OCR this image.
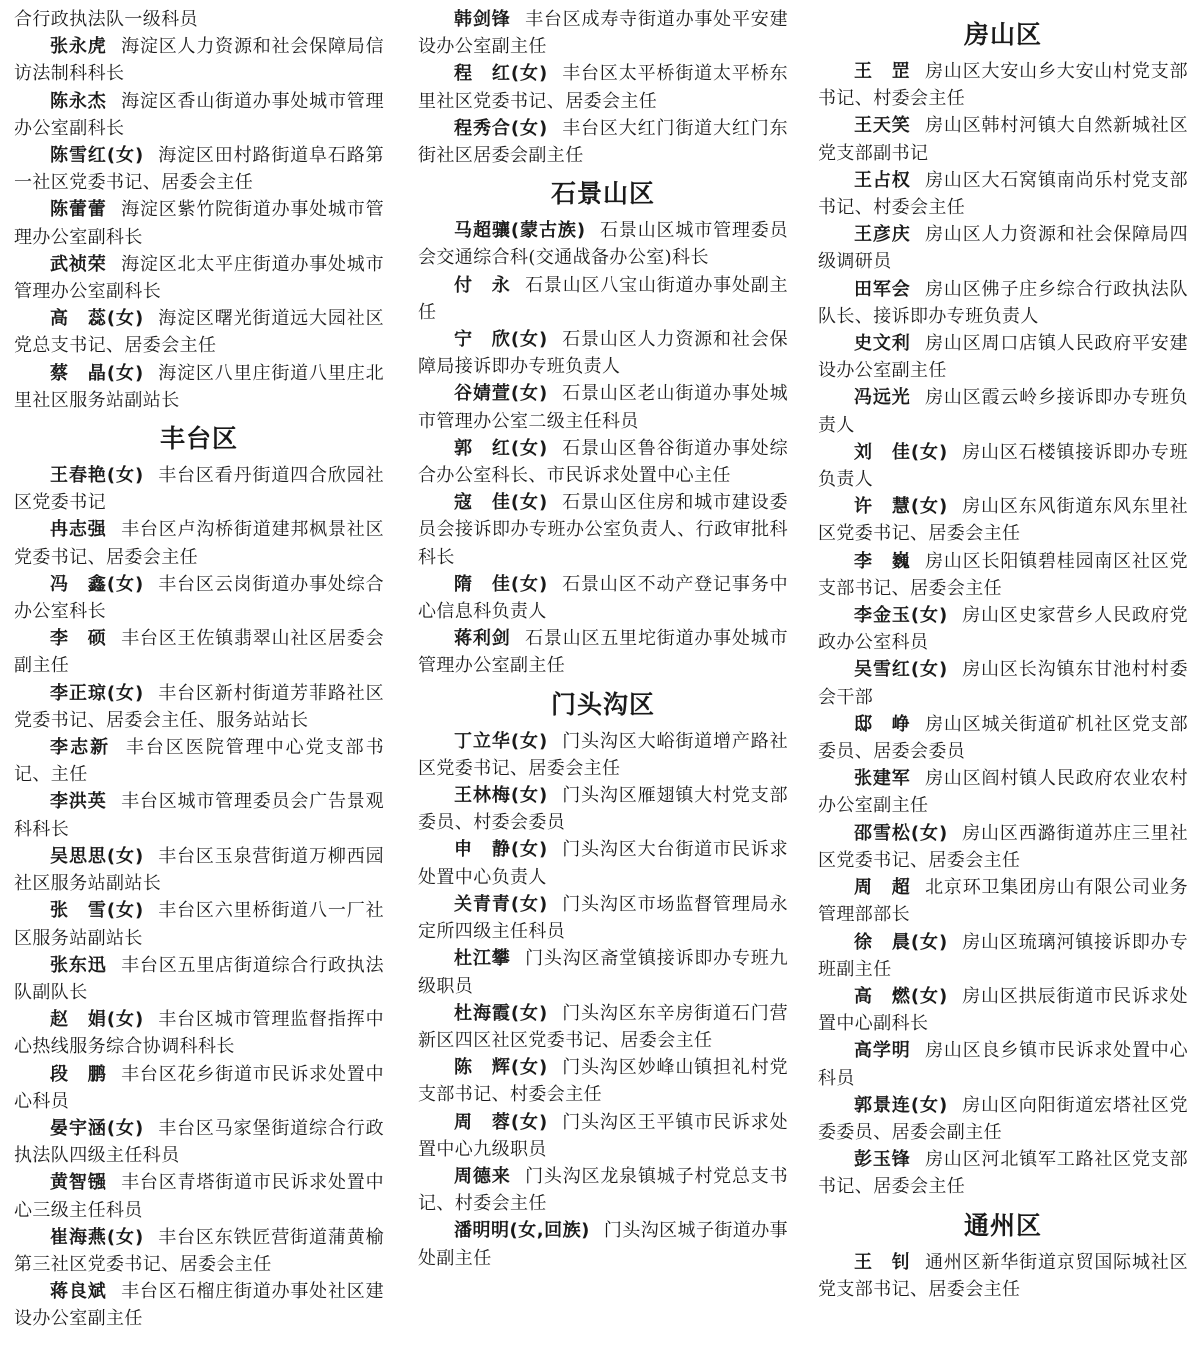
合行政执法队一级科员

张永虎 海淀区人力资源和社会保障局信访法制科科长

陈永杰 海淀区香山街道办事处城市管理办公室副科长

陈雪红(女) 海淀区田村路街道阜石路第一社区党委书记、居委会主任

陈蕾蕾 海淀区紫竹院街道办事处城市管理办公室副科长

武祯荣 海淀区北太平庄街道办事处城市管理办公室副科长

高　蕊(女) 海淀区曙光街道远大园社区党总支书记、居委会主任

蔡　晶(女) 海淀区八里庄街道八里庄北里社区服务站副站长

丰台区

王春艳(女) 丰台区看丹街道四合欣园社区党委书记

冉志强 丰台区卢沟桥街道建邦枫景社区党委书记、居委会主任

冯　鑫(女) 丰台区云岗街道办事处综合办公室科长

李　硕 丰台区王佐镇翡翠山社区居委会副主任

李正琼(女) 丰台区新村街道芳菲路社区党委书记、居委会主任、服务站站长

李志新 丰台区医院管理中心党支部书记、主任

李洪英 丰台区城市管理委员会广告景观科科长

吴思思(女) 丰台区玉泉营街道万柳西园社区服务站副站长

张　雪(女) 丰台区六里桥街道八一厂社区服务站副站长

张东迅 丰台区五里店街道综合行政执法队副队长

赵　娟(女) 丰台区城市管理监督指挥中心热线服务综合协调科科长

段　鹏 丰台区花乡街道市民诉求处置中心科员

晏宇涵(女) 丰台区马家堡街道综合行政执法队四级主任科员

黄智镪 丰台区青塔街道市民诉求处置中心三级主任科员

崔海燕(女) 丰台区东铁匠营街道蒲黄榆第三社区党委书记、居委会主任

蒋良斌 丰台区石榴庄街道办事处社区建设办公室副主任

韩剑锋 丰台区成寿寺街道办事处平安建设办公室副主任

程　红(女) 丰台区太平桥街道太平桥东里社区党委书记、居委会主任

程秀合(女) 丰台区大红门街道大红门东街社区居委会副主任

石景山区

马超骧(蒙古族) 石景山区城市管理委员会交通综合科(交通战备办公室)科长

付　永 石景山区八宝山街道办事处副主任

宁　欣(女) 石景山区人力资源和社会保障局接诉即办专班负责人

谷婧萱(女) 石景山区老山街道办事处城市管理办公室二级主任科员

郭　红(女) 石景山区鲁谷街道办事处综合办公室科长、市民诉求处置中心主任

寇　佳(女) 石景山区住房和城市建设委员会接诉即办专班办公室负责人、行政审批科科长

隋　佳(女) 石景山区不动产登记事务中心信息科负责人

蒋利剑 石景山区五里坨街道办事处城市管理办公室副主任

门头沟区

丁立华(女) 门头沟区大峪街道增产路社区党委书记、居委会主任

王林梅(女) 门头沟区雁翅镇大村党支部委员、村委会委员

申　静(女) 门头沟区大台街道市民诉求处置中心负责人

关青青(女) 门头沟区市场监督管理局永定所四级主任科员

杜江攀 门头沟区斋堂镇接诉即办专班九级职员

杜海霞(女) 门头沟区东辛房街道石门营新区四区社区党委书记、居委会主任

陈　辉(女) 门头沟区妙峰山镇担礼村党支部书记、村委会主任

周　蓉(女) 门头沟区王平镇市民诉求处置中心九级职员

周德来 门头沟区龙泉镇城子村党总支书记、村委会主任

潘明明(女,回族) 门头沟区城子街道办事处副主任

房山区

王　罡 房山区大安山乡大安山村党支部书记、村委会主任

王天笑 房山区韩村河镇大自然新城社区党支部副书记

王占权 房山区大石窝镇南尚乐村党支部书记、村委会主任

王彦庆 房山区人力资源和社会保障局四级调研员

田军会 房山区佛子庄乡综合行政执法队队长、接诉即办专班负责人

史文利 房山区周口店镇人民政府平安建设办公室副主任

冯远光 房山区霞云岭乡接诉即办专班负责人

刘　佳(女) 房山区石楼镇接诉即办专班负责人

许　慧(女) 房山区东风街道东风东里社区党委书记、居委会主任

李　巍 房山区长阳镇碧桂园南区社区党支部书记、居委会主任

李金玉(女) 房山区史家营乡人民政府党政办公室科员

吴雪红(女) 房山区长沟镇东甘池村村委会干部

邸　峥 房山区城关街道矿机社区党支部委员、居委会委员

张建军 房山区阎村镇人民政府农业农村办公室副主任

邵雪松(女) 房山区西潞街道苏庄三里社区党委书记、居委会主任

周　超 北京环卫集团房山有限公司业务管理部部长

徐　晨(女) 房山区琉璃河镇接诉即办专班副主任

高　燃(女) 房山区拱辰街道市民诉求处置中心副科长

高学明 房山区良乡镇市民诉求处置中心科员

郭景连(女) 房山区向阳街道宏塔社区党委委员、居委会副主任

彭玉锋 房山区河北镇军工路社区党支部书记、居委会主任

通州区

王　钊 通州区新华街道京贸国际城社区党支部书记、居委会主任
